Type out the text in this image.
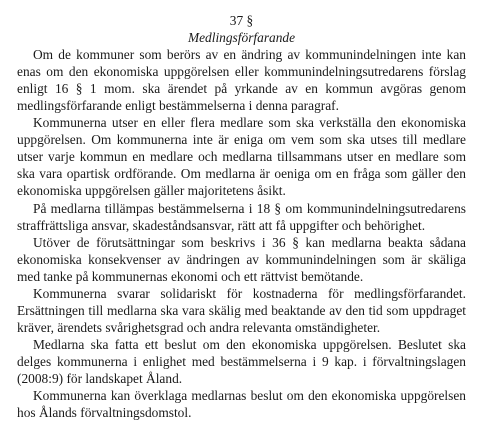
37 §

Medlingsförfarande

Om de kommuner som berörs av en ändring av kommunindelningen inte kan enas om den ekonomiska uppgörelsen eller kommunindelningsutredarens förslag enligt 16 § 1 mom. ska ärendet på yrkande av en kommun avgöras genom medlingsförfarande enligt bestämmelserna i denna paragraf.

Kommunerna utser en eller flera medlare som ska verkställa den ekonomiska uppgörelsen. Om kommunerna inte är eniga om vem som ska utses till medlare utser varje kommun en medlare och medlarna tillsammans utser en medlare som ska vara opartisk ordförande. Om medlarna är oeniga om en fråga som gäller den ekonomiska uppgörelsen gäller majoritetens åsikt.

På medlarna tillämpas bestämmelserna i 18 § om kommunindelningsutredarens straffrättsliga ansvar, skadeståndsansvar, rätt att få uppgifter och behörighet.

Utöver de förutsättningar som beskrivs i 36 § kan medlarna beakta sådana ekonomiska konsekvenser av ändringen av kommunindelningen som är skäliga med tanke på kommunernas ekonomi och ett rättvist bemötande.

Kommunerna svarar solidariskt för kostnaderna för medlingsförfarandet. Ersättningen till medlarna ska vara skälig med beaktande av den tid som uppdraget kräver, ärendets svårighetsgrad och andra relevanta omständigheter.

Medlarna ska fatta ett beslut om den ekonomiska uppgörelsen. Beslutet ska delges kommunerna i enlighet med bestämmelserna i 9 kap. i förvaltningslagen (2008:9) för landskapet Åland.

Kommunerna kan överklaga medlarnas beslut om den ekonomiska uppgörelsen hos Ålands förvaltningsdomstol.
